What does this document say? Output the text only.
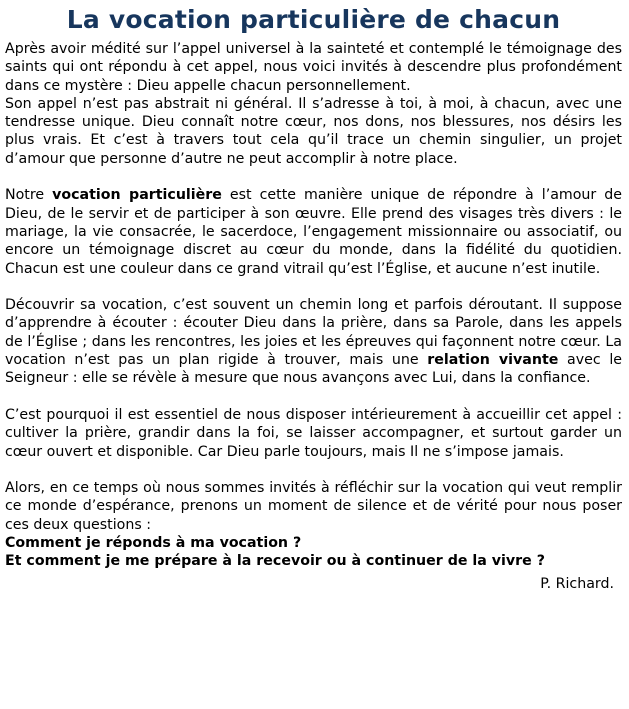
La vocation particulière de chacun

Après avoir médité sur l’appel universel à la sainteté et contemplé le témoignage des saints qui ont répondu à cet appel, nous voici invités à descendre plus profondément dans ce mystère : Dieu appelle chacun personnellement.

Son appel n’est pas abstrait ni général. Il s’adresse à toi, à moi, à chacun, avec une tendresse unique. Dieu connaît notre cœur, nos dons, nos blessures, nos désirs les plus vrais. Et c’est à travers tout cela qu’il trace un chemin singulier, un projet d’amour que personne d’autre ne peut accomplir à notre place.

Notre vocation particulière est cette manière unique de répondre à l’amour de Dieu, de le servir et de participer à son œuvre. Elle prend des visages très divers : le mariage, la vie consacrée, le sacerdoce, l’engagement missionnaire ou associatif, ou encore un témoignage discret au cœur du monde, dans la fidélité du quotidien. Chacun est une couleur dans ce grand vitrail qu’est l’Église, et aucune n’est inutile.

Découvrir sa vocation, c’est souvent un chemin long et parfois déroutant. Il suppose d’apprendre à écouter : écouter Dieu dans la prière, dans sa Parole, dans les appels de l’Église ; dans les rencontres, les joies et les épreuves qui façonnent notre cœur. La vocation n’est pas un plan rigide à trouver, mais une relation vivante avec le Seigneur : elle se révèle à mesure que nous avançons avec Lui, dans la confiance.

C’est pourquoi il est essentiel de nous disposer intérieurement à accueillir cet appel : cultiver la prière, grandir dans la foi, se laisser accompagner, et surtout garder un cœur ouvert et disponible. Car Dieu parle toujours, mais Il ne s’impose jamais.

Alors, en ce temps où nous sommes invités à réfléchir sur la vocation qui veut remplir ce monde d’espérance, prenons un moment de silence et de vérité pour nous poser ces deux questions :

Comment je réponds à ma vocation ?

Et comment je me prépare à la recevoir ou à continuer de la vivre ?

P. Richard.
